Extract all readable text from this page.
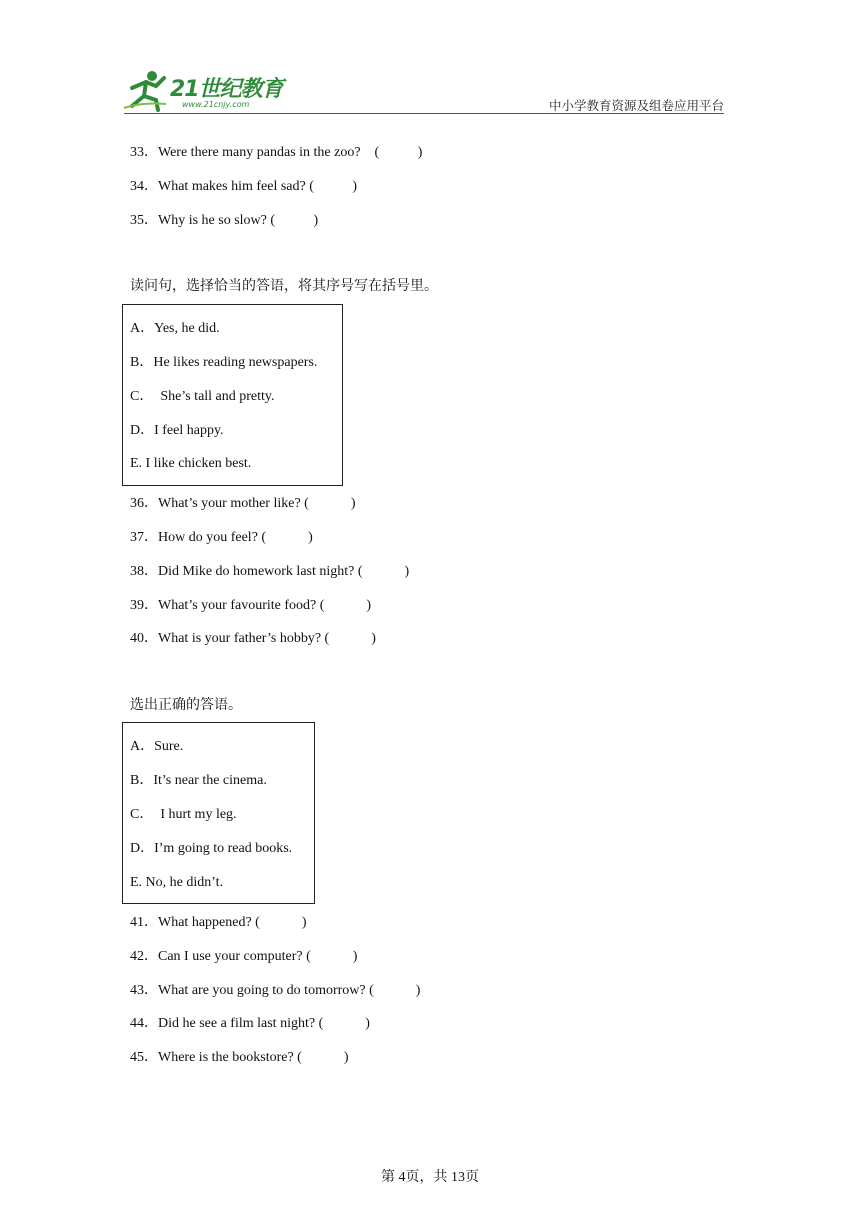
21世纪教育
www.21cnjy.com	中小学教育资源及组卷应用平台
33．Were there many pandas in the zoo?    (           )
34．What makes him feel sad? (           )
35．Why is he so slow? (           )
读问句，选择恰当的答语，将其序号写在括号里。
A．Yes, he did.
B．He likes reading newspapers.
C．  She’s tall and pretty.
D．I feel happy.
E. I like chicken best.
36．What’s your mother like? (            )
37．How do you feel? (            )
38．Did Mike do homework last night? (            )
39．What’s your favourite food? (            )
40．What is your father’s hobby? (            )
选出正确的答语。
A．Sure.
B．It’s near the cinema.
C．  I hurt my leg.
D．I’m going to read books.
E. No, he didn’t.
41．What happened? (            )
42．Can I use your computer? (            )
43．What are you going to do tomorrow? (            )
44．Did he see a film last night? (            )
45．Where is the bookstore? (            )
第 4页，共 13页
